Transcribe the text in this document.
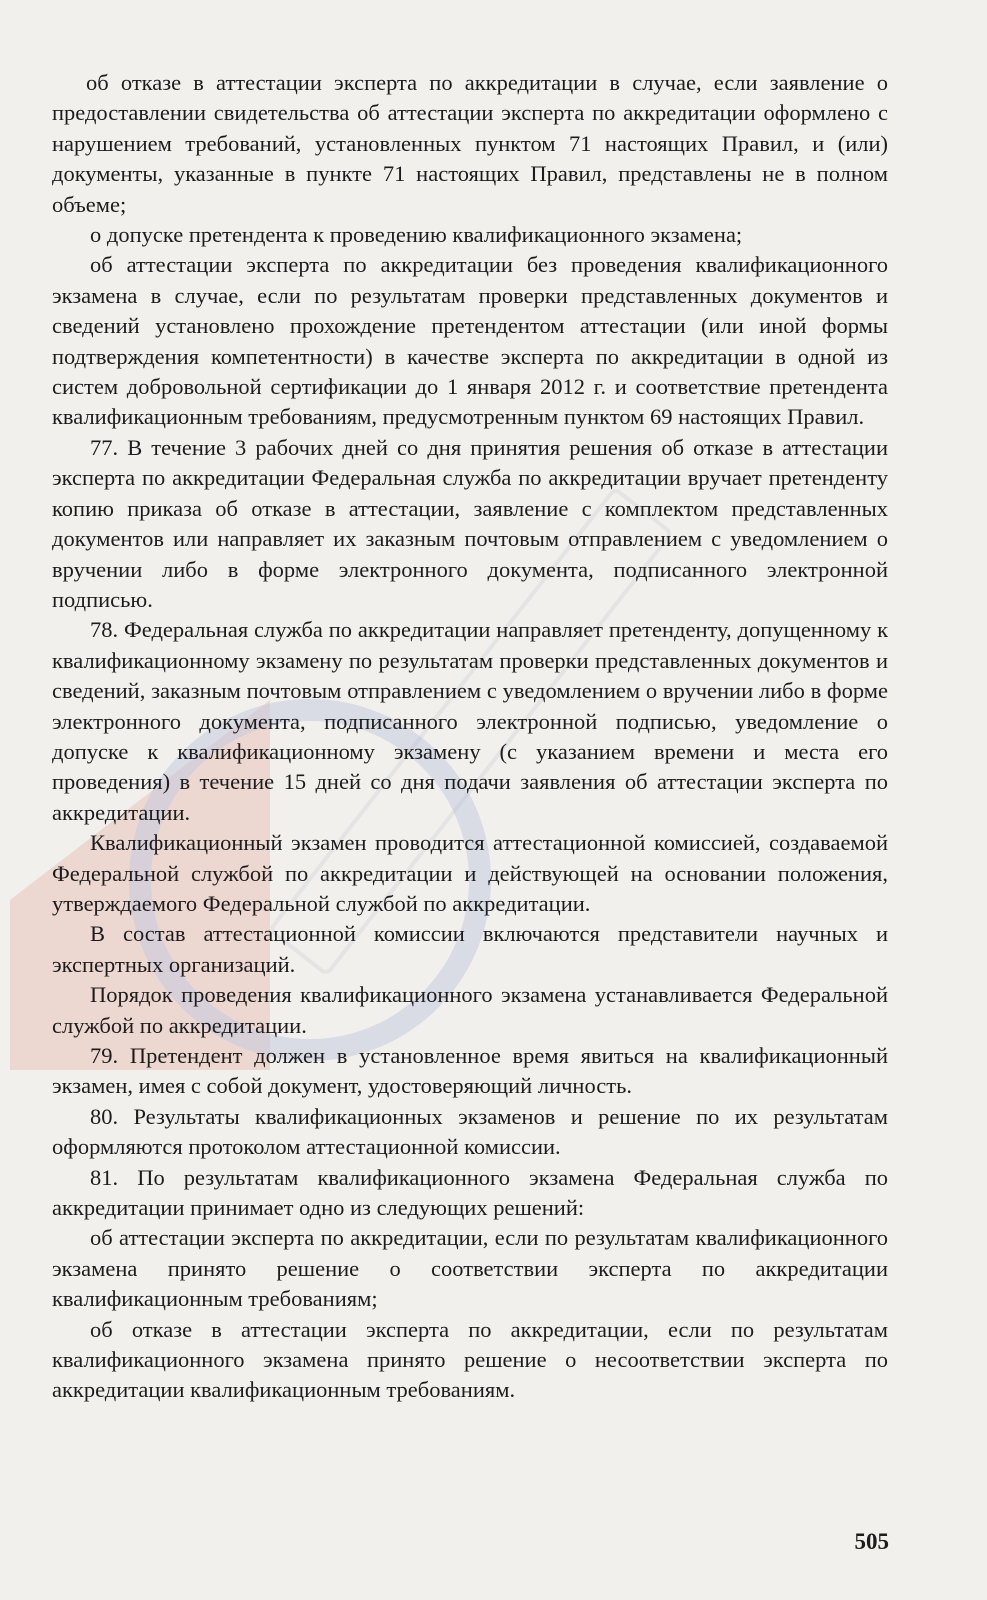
об отказе в аттестации эксперта по аккредитации в случае, если заявление о предоставлении свидетельства об аттестации эксперта по аккредитации оформлено с нарушением требований, установленных пунктом 71 настоящих Правил, и (или) документы, указанные в пункте 71 настоящих Правил, представлены не в полном объеме;

о допуске претендента к проведению квалификационного экзамена;

об аттестации эксперта по аккредитации без проведения квалификационного экзамена в случае, если по результатам проверки представленных документов и сведений установлено прохождение претендентом аттестации (или иной формы подтверждения компетентности) в качестве эксперта по аккредитации в одной из систем добровольной сертификации до 1 января 2012 г. и соответствие претендента квалификационным требованиям, предусмотренным пунктом 69 настоящих Правил.

77. В течение 3 рабочих дней со дня принятия решения об отказе в аттестации эксперта по аккредитации Федеральная служба по аккредитации вручает претенденту копию приказа об отказе в аттестации, заявление с комплектом представленных документов или направляет их заказным почтовым отправлением с уведомлением о вручении либо в форме электронного документа, подписанного электронной подписью.

78. Федеральная служба по аккредитации направляет претенденту, допущенному к квалификационному экзамену по результатам проверки представленных документов и сведений, заказным почтовым отправлением с уведомлением о вручении либо в форме электронного документа, подписанного электронной подписью, уведомление о допуске к квалификационному экзамену (с указанием времени и места его проведения) в течение 15 дней со дня подачи заявления об аттестации эксперта по аккредитации.

Квалификационный экзамен проводится аттестационной комиссией, создаваемой Федеральной службой по аккредитации и действующей на основании положения, утверждаемого Федеральной службой по аккредитации.

В состав аттестационной комиссии включаются представители научных и экспертных организаций.

Порядок проведения квалификационного экзамена устанавливается Федеральной службой по аккредитации.

79. Претендент должен в установленное время явиться на квалификационный экзамен, имея с собой документ, удостоверяющий личность.

80. Результаты квалификационных экзаменов и решение по их результатам оформляются протоколом аттестационной комиссии.

81. По результатам квалификационного экзамена Федеральная служба по аккредитации принимает одно из следующих решений:

об аттестации эксперта по аккредитации, если по результатам квалификационного экзамена принято решение о соответствии эксперта по аккредитации квалификационным требованиям;

об отказе в аттестации эксперта по аккредитации, если по результатам квалификационного экзамена принято решение о несоответствии эксперта по аккредитации квалификационным требованиям.

505
